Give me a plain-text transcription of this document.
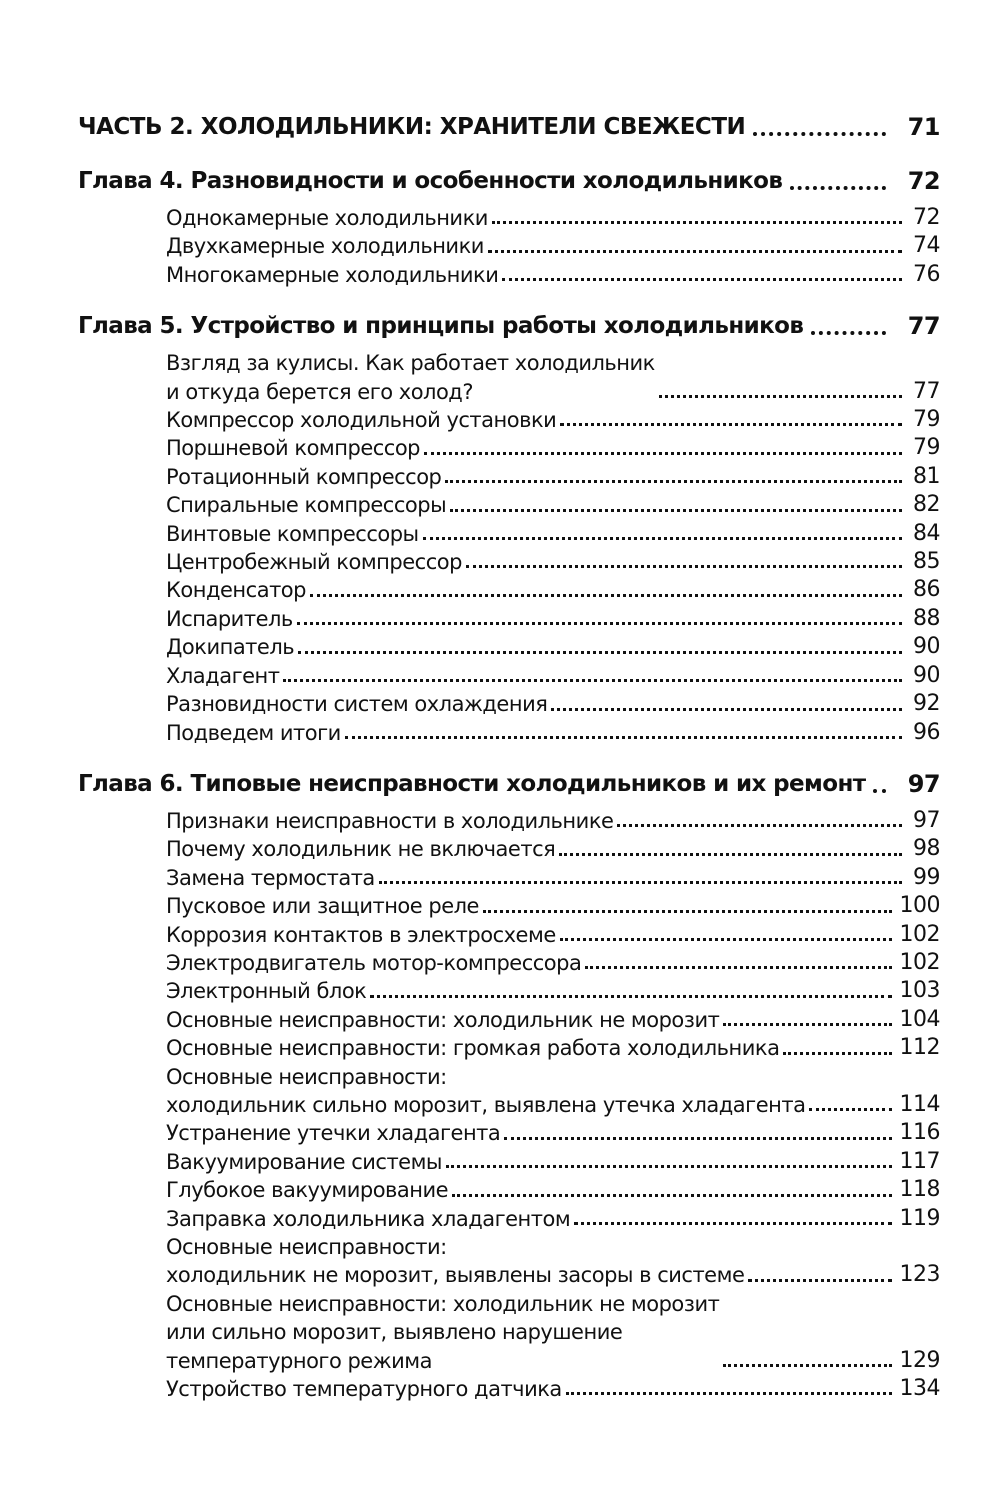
ЧАСТЬ 2. ХОЛОДИЛЬНИКИ: ХРАНИТЕЛИ СВЕЖЕСТИ	71
Глава 4. Разновидности и особенности холодильников	72
Однокамерные холодильники	72
Двухкамерные холодильники	74
Многокамерные холодильники	76
Глава 5. Устройство и принципы работы холодильников	77
Взгляд за кулисы. Как работает холодильник
и откуда берется его холод?	77
Компрессор холодильной установки	79
Поршневой компрессор	79
Ротационный компрессор	81
Спиральные компрессоры	82
Винтовые компрессоры	84
Центробежный компрессор	85
Конденсатор	86
Испаритель	88
Докипатель	90
Хладагент	90
Разновидности систем охлаждения	92
Подведем итоги	96
Глава 6. Типовые неисправности холодильников и их ремонт 97
Признаки неисправности в холодильнике	97
Почему холодильник не включается	98
Замена термостата	99
Пусковое или защитное реле	100
Коррозия контактов в электросхеме	102
Электродвигатель мотор-компрессора	102
Электронный блок	103
Основные неисправности: холодильник не морозит	104
Основные неисправности: громкая работа холодильника	112
Основные неисправности:
холодильник сильно морозит, выявлена утечка хладагента	114
Устранение утечки хладагента	116
Вакуумирование системы	117
Глубокое вакуумирование	118
Заправка холодильника хладагентом	119
Основные неисправности:
холодильник не морозит, выявлены засоры в системе	123
Основные неисправности: холодильник не морозит
или сильно морозит, выявлено нарушение
температурного режима	129
Устройство температурного датчика	134
